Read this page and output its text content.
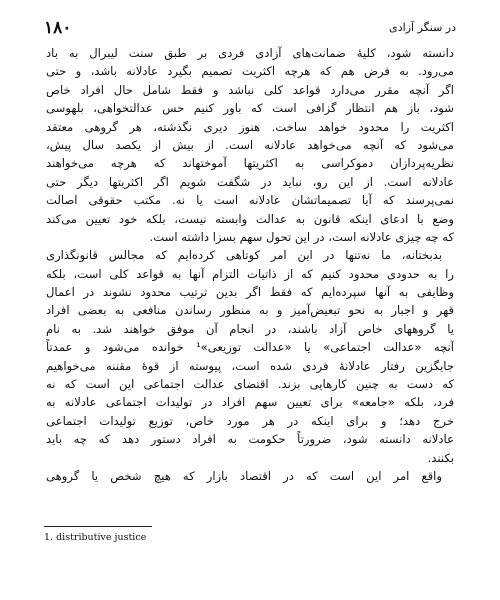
۱۸۰	در سنگر آزادی
دانسته شود، کلیهٔ ضمانت‌های آزادی فردی بر طبق سنت لیبرال به باد
می‌رود. به فرض هم که هرچه اکثریت تصمیم بگیرد عادلانه باشد، و حتی
اگر آنچه مقرر می‌دارد قواعد کلی نباشد و فقط شامل حال افراد خاص
شود، باز هم انتظار گزافی است که باور کنیم حس عدالتخواهی، بلهوسی
اکثریت را محدود خواهد ساخت. هنوز دیری نگذشته، هر گروهی معتقد
می‌شود که آنچه می‌خواهد عادلانه است. از بیش از یکصد سال پیش،
نظریه‌پردازان دموکراسی به اکثریتها آموختهاند که هرچه می‌خواهند
عادلانه است. از این رو، نباید در شگفت شویم اگر اکثریتها دیگر حتی
نمی‌پرسند که آیا تصمیماتشان عادلانه است یا نه. مکتب حقوقی اصالت
وضع با ادعای اینکه قانون به عدالت وابسته نیست، بلکه خود تعیین می‌کند
که چه چیزی عادلانه است، در این تحول سهم بسزا داشته است.
بدبختانه، ما نه‌تنها در این امر کوتاهی کرده‌ایم که مجالس قانونگذاری
را به حدودی محدود کنیم که از ذاتیات التزام آنها به قواعد کلی است، بلکه
وظایفی به آنها سپرده‌ایم که فقط اگر بدین ترتیب محدود نشوند در اعمال
قهر و اجبار به نحو تبعیض‌آمیز و به منظور رساندن منافعی به بعضی افراد
یا گروههای خاص آزاد باشند، در انجام آن موفق خواهند شد. به نام
آنچه «عدالت اجتماعی» یا «عدالت توزیعی»¹ خوانده می‌شود و عمدتاً
جایگزین رفتار عادلانهٔ فردی شده است، پیوسته از قوهٔ مقننه می‌خواهیم
که دست به چنین کارهایی بزند. اقتضای عدالت اجتماعی این است که نه
فرد، بلکه «جامعه» برای تعیین سهم افراد در تولیدات اجتماعی عادلانه به
خرج دهد؛ و برای اینکه در هر مورد خاص، توزیع تولیدات اجتماعی
عادلانه دانسته شود، ضرورتاً حکومت به افراد دستور دهد که چه باید
بکنند.
واقع امر این است که در اقتصاد بازار که هیچ شخص یا گروهی
1. distributive justice
